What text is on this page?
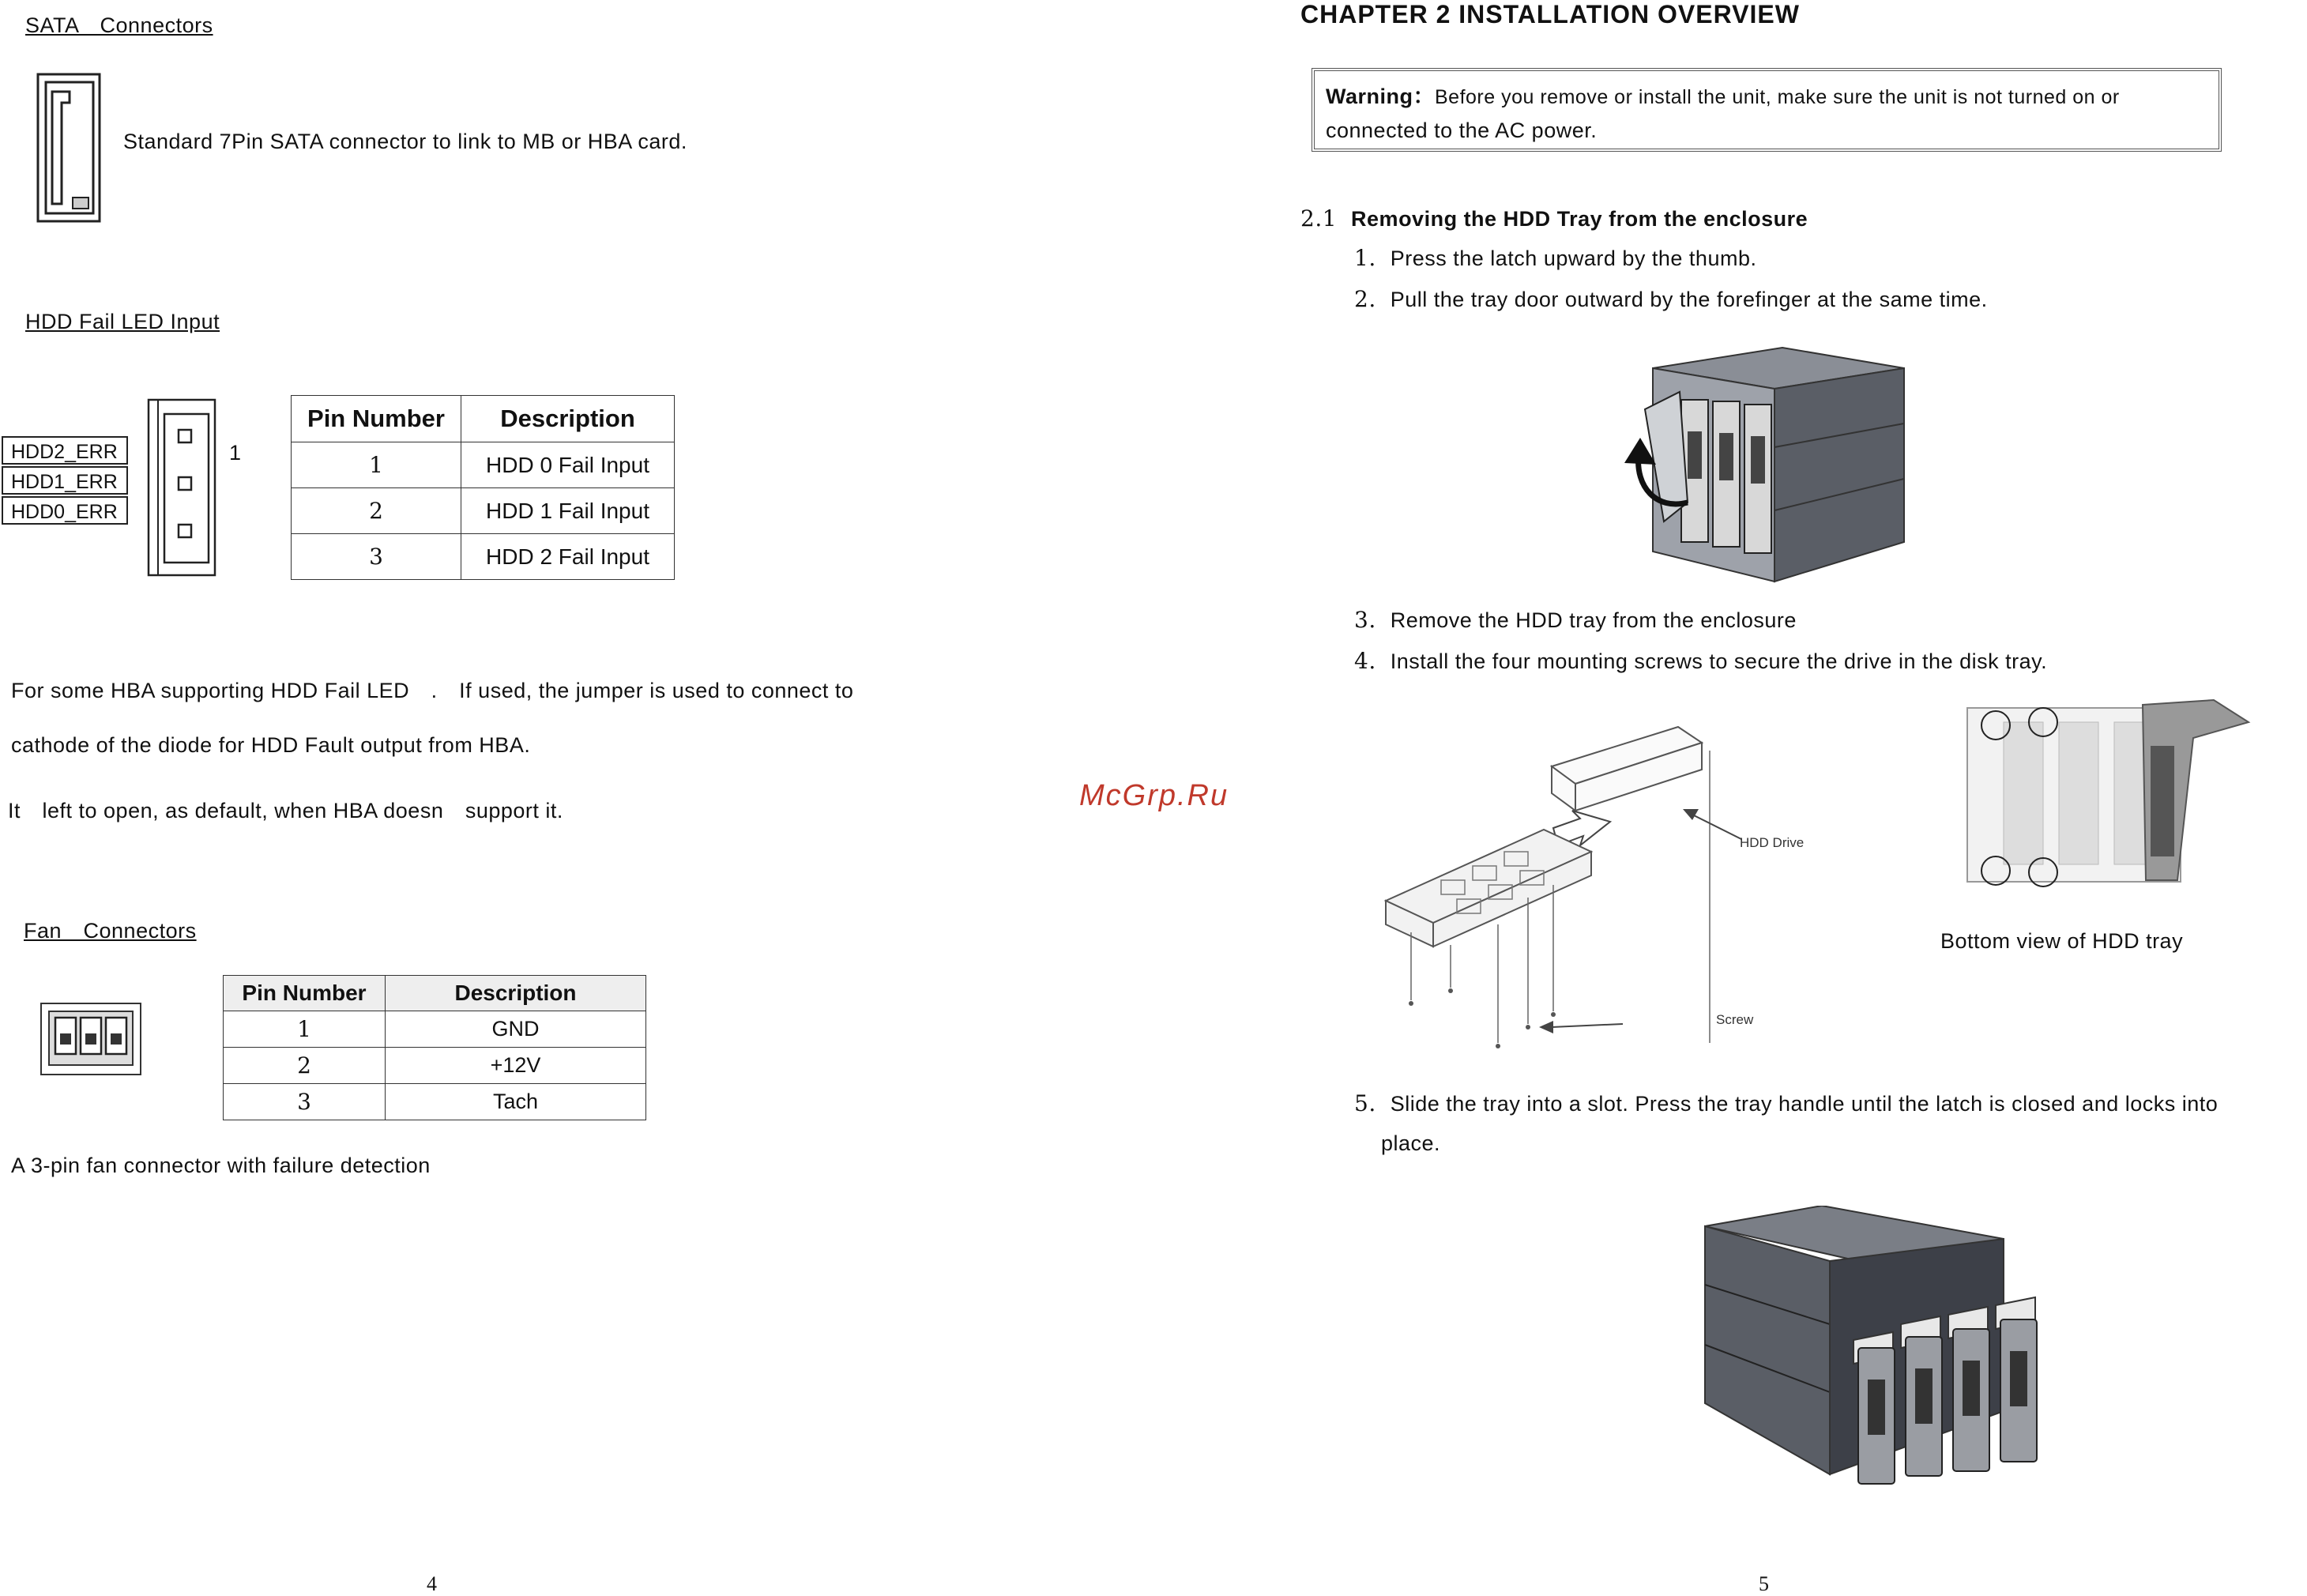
SATA　Connectors
Standard 7Pin SATA connector to link to MB or HBA card.
HDD Fail LED Input
HDD2_ERR
HDD1_ERR
HDD0_ERR
1
Pin Number	Description
1	HDD 0 Fail Input
2	HDD 1 Fail Input
3	HDD 2 Fail Input
For some HBA supporting HDD Fail LED　.　If used, the jumper is used to connect to
cathode of the diode for HDD Fault output from HBA.
It　left to open, as default, when HBA doesn　support it.
Fan　Connectors
Pin Number	Description
1	GND
2	+12V
3	Tach
A 3-pin fan connector with failure detection
4
McGrp.Ru
CHAPTER 2 INSTALLATION OVERVIEW
Warning：Before you remove or install the unit, make sure the unit is not turned on or
connected to the AC power.
2.1 Removing the HDD Tray from the enclosure
1. Press the latch upward by the thumb.
2. Pull the tray door outward by the forefinger at the same time.
3. Remove the HDD tray from the enclosure
4. Install the four mounting screws to secure the drive in the disk tray.
HDD Drive
Screw
Bottom view of HDD tray
5. Slide the tray into a slot. Press the tray handle until the latch is closed and locks into
place.
5
